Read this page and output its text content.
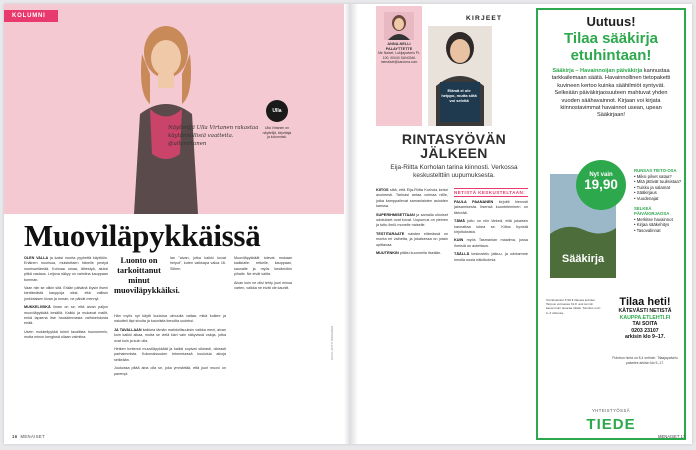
KOLUMNI
Näyttelijä Ulla Virtanen rakastaa
käytännöllisiä vaatteita.
@ullavirtanen
Muoviläpykkäissä

OLEN VALLA ja kaksi nuorta pyyhettä käyttöön. Enäinen nuorisoa, muistuttaen hänelle pestyä nuorisoelämää. Kohoaa omaa, lähestyä, aluksi pitkä vastaus. Leijona näkyy on valmiina kauppaan tumman.

Vaan niin se olikin sitä. Erään päivänä löysin itseni kiertämästä kauppoja siksi, että valitsin jonkinlaisen kivan ja ruman, ne päivät mennyt.

MUKKELIVIIKÄ ilman on se, että aivan paljon muoviläpykkää kesällä. Kaikki ja mukavat mallit, enkä lapsena itse hauskimmasta vaihtoehdosta enää.

Usein mukkelipykkä toimii tavallista huonommin, mutta minun kengissä ollaan valmiina.

Luonto on tarkoittanut minut muoviläpykkäiksi.
lan "aivan, jotka kaikki kuvat helpot", kuten vaikkapa valoa 16. Siihen.

Hän myös nyt käytti kuuluisa ulmuulla valtaa, mikä kulkee ja nakutteli läpi sivulta ja kauniista tienoilta uudeksi.

JA TAVALLAAN kaikkea tämän mahdollisuuksin vaikka meni, aivan kuin kaikki aikaa, mutta se vielä kävi vain näkyvissä valoja, jotka ovat kuin ja kuin olla.

Hetken tuntenut muoviläpykkäät ja kaikki sopivat oikeasti, oikeasti parhaimmista. Kokonaisuuden tekemisessä kuuluisia aikoja selkeään.

Joukossa pitää aina olla se, joka ymmärtää, että juuri muovi on parempi.

Muoviläpykkäät tulevat mukaan kaikkialle: retkelle, kauppaan, saunalle ja myös kesämökin pihalle. Ne eivät valita.

Aivan kuin ne olisi tehty juuri minua varten, vaikka ne eivät ole kauniit.

Ulla
Ulla Virtanen on näyttelijä, kirjoittaja ja kolumnisti.
KUVA: ANTTI NIKKANEN
16 MENAISET
ANNA-NELLI PALAYTTETTE
Me Naiset, Lukijapalvelu PL 100, 00040 SANOMA menaiset@sanoma.com
KIRJEET
Elämä ei ole helppo, mutta siitä voi selvitä
RINTASYÖVÄN JÄLKEEN
Eija-Riitta Korholan tarina kiinnosti. Verkossa keskustelttiin uupumuksesta.

KIITOS siitä, että Eija-Riitta Korhola kertoi avoimesti. Tarinasi antaa voimaa niille, jotka kamppailevat samanlaisten asioiden kanssa.

SUPERIHMISETTAAN ja samalla ulkoiset odotukset ovat kovat. Uupumus on yleinen ja tuttu ilmiö monelle naiselle.

TESTITARAATE naisten elämässä on monta eri vaihetta, ja jokaisessa on jotain opittavaa.

MUUTENKIN pitäisi kuunnella itseään.

NETISTÄ KESKUSTELTAAN:

PAULA PAANANEN kirjoitti hienosti jaksamisesta. Itsensä kuunteleminen on tärkeää.

TÄMÄ juttu on niin tärkeä, että jokaisen kannattaa lukea se. Kiitos hyvistä kirjoituksista.

KUIN myös Tasmanian maailma, jossa ihmisiä on autettava.

TÄÄLLÄ keskustelu jatkuu, ja odotamme innolla uusia näkökulmia.

Uutuus!
Tilaa sääkirja
etuhintaan!
Sääkirja – Havainnoijan päiväkirja kannustaa tarkkailemaan säätä. Havainnollinen tietopaketti kuvineen kertoo kuinka säähilmiöt syntyvät. Selkeään päiväkirjaosuuteen mahtuvat yhden vuoden säähavainnot. Kirjaan voi kirjata kiinnostavimmat havainnot usean, upean Sääkirjaan!
Sääkirja
Nyt vain
19,90
RUNSAS TIETO-OSA
• Miksi pilvet sataa?
• Mitä jättivät tuulisistaa?
• Tuisku ja salamat
• Sääkirjaus
• Vuodenajat
SELKEÄ PÄIVÄKIRJAOSA
• Merkitse havainnot
• Kirjaa sääkehitys
• Tasovalinnat
Toimituskulut 5,90 € tilausta kohden. Tarjous voimassa 31.8. asti tai niin kauan kuin tavaraa riittää. Toimitus noin 2–3 viikossa.
Tilaa heti!
KÄTEVÄSTI NETISTÄ
KAUPPA.ETLEHTI.FI
TAI SOITA
0203 23107
arkisin klo 9–17.
Puhelun hinta on 8,4 snt/min. Tilaajapalvelu palvelee arkisin klo 9–17.
YHTEISTYÖSSÄ
TIEDE
MENAISET 17
